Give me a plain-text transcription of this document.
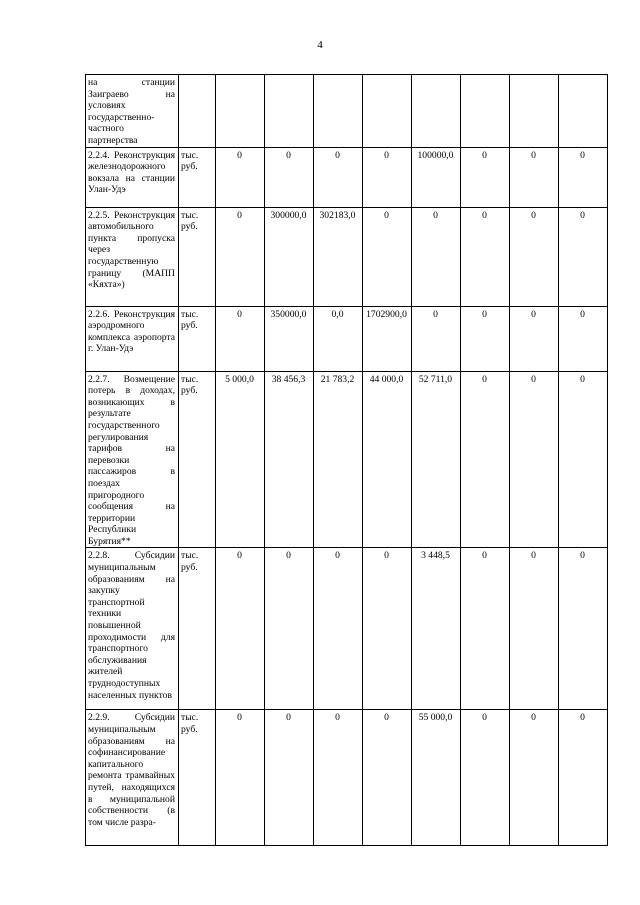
4
на станции Заиграево на условиях государственно-частного партнерства									
2.2.4. Реконструкция железнодорожного вокзала на станции Улан-Удэ	тыс. руб.	0	0	0	0	100000,0	0	0	0
2.2.5. Реконструкция автомобильного пункта пропуска через государственную границу (МАПП «Кяхта»)	тыс. руб.	0	300000,0	302183,0	0	0	0	0	0
2.2.6. Реконструкция аэродромного комплекса аэропорта г. Улан-Удэ	тыс. руб.	0	350000,0	0,0	1702900,0	0	0	0	0
2.2.7. Возмещение потерь в доходах, возникающих в результате государственного регулирования тарифов на перевозки пассажиров в поездах пригородного сообщения на территории Республики Бурятия**	тыс. руб.	5 000,0	38 456,3	21 783,2	44 000,0	52 711,0	0	0	0
2.2.8. Субсидии муниципальным образованиям на закупку транспортной техники повышенной проходимости для транспортного обслуживания жителей труднодоступных населенных пунктов	тыс. руб.	0	0	0	0	3 448,5	0	0	0
2.2.9. Субсидии муниципальным образованиям на софинансирование капитального ремонта трамвайных путей, находящихся в муниципальной собственности (в том числе разра-	тыс. руб.	0	0	0	0	55 000,0	0	0	0
